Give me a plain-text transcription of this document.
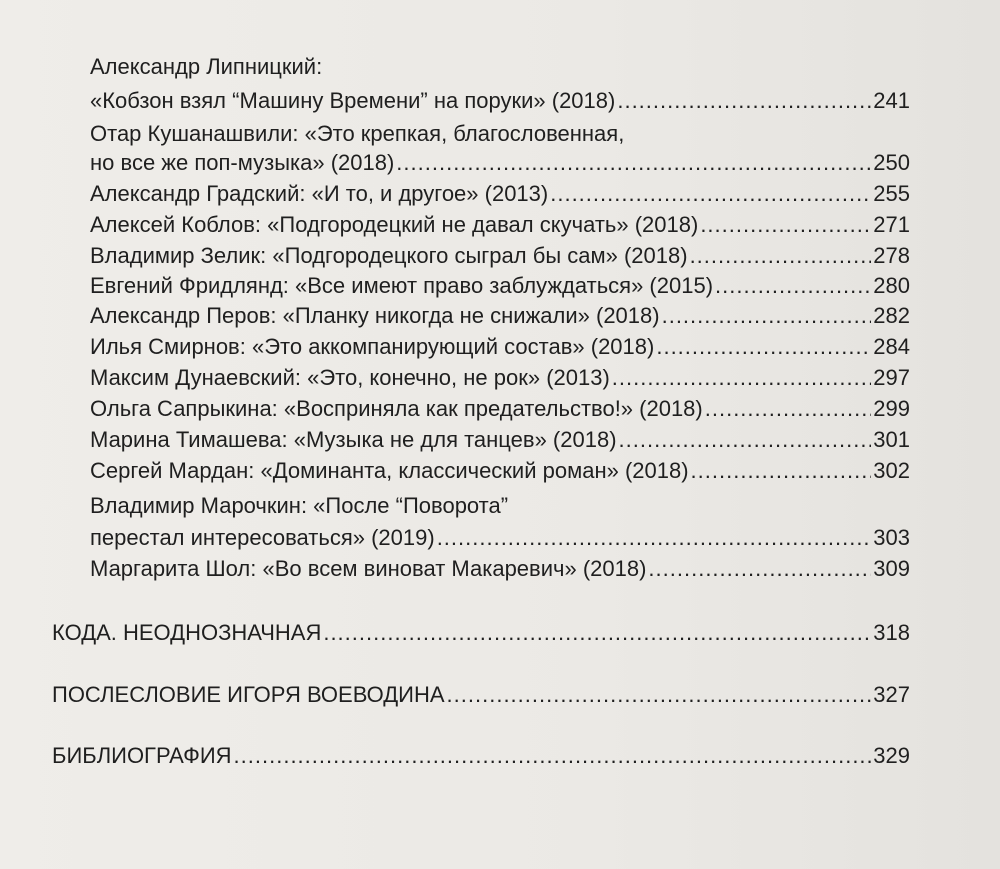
Александр Липницкий:
«Кобзон взял “Машину Времени” на поруки» (2018) .....	241
Отар Кушанашвили: «Это крепкая, благословенная,
но все же поп-музыка» (2018) .....	250
Александр Градский: «И то, и другое» (2013) .....	255
Алексей Коблов: «Подгородецкий не давал скучать» (2018) .....	271
Владимир Зелик: «Подгородецкого сыграл бы сам» (2018) .....	278
Евгений Фридлянд: «Все имеют право заблуждаться» (2015) .....	280
Александр Перов: «Планку никогда не снижали» (2018) .....	282
Илья Смирнов: «Это аккомпанирующий состав» (2018) .....	284
Максим Дунаевский: «Это, конечно, не рок» (2013) .....	297
Ольга Сапрыкина: «Восприняла как предательство!» (2018) .....	299
Марина Тимашева: «Музыка не для танцев» (2018) .....	301
Сергей Мардан: «Доминанта, классический роман» (2018) .....	302
Владимир Марочкин: «После “Поворота”
перестал интересоваться» (2019) .....	303
Маргарита Шол: «Во всем виноват Макаревич» (2018) .....	309
КОДА. НЕОДНОЗНАЧНАЯ .....	318
ПОСЛЕСЛОВИЕ ИГОРЯ ВОЕВОДИНА .....	327
БИБЛИОГРАФИЯ .....	329
